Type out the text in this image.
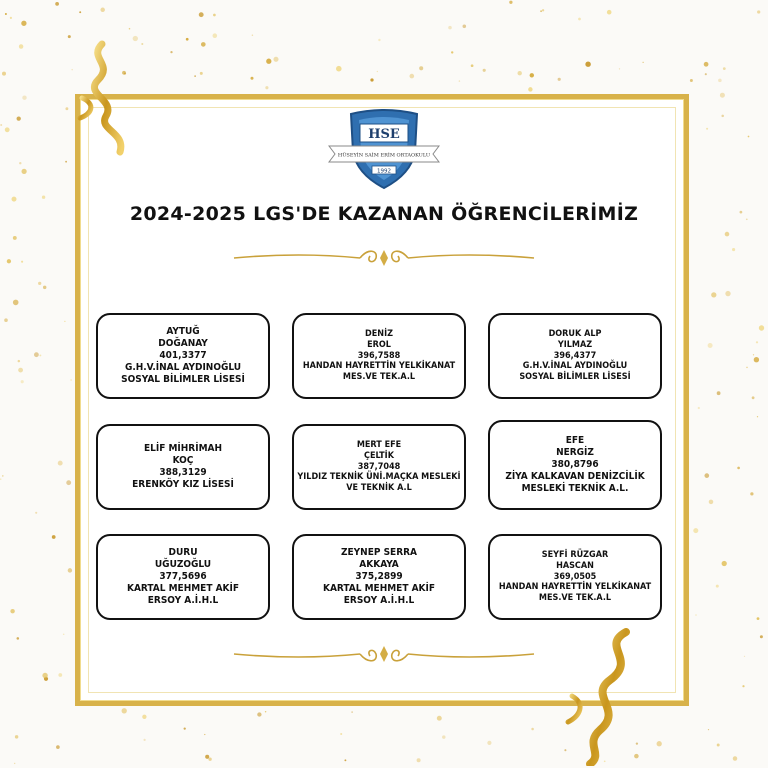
HSE
HÜSEYİN SAİM ERİM ORTAOKULU
1992
2024-2025 LGS'DE KAZANAN ÖĞRENCİLERİMİZ
AYTUĞ
DOĞANAY
401,3377
G.H.V.İNAL AYDINOĞLU
SOSYAL BİLİMLER LİSESİ
DENİZ
EROL
396,7588
HANDAN HAYRETTİN YELKİKANAT
MES.VE TEK.A.L
DORUK ALP
YILMAZ
396,4377
G.H.V.İNAL AYDINOĞLU
SOSYAL BİLİMLER LİSESİ
ELİF MİHRİMAH
KOÇ
388,3129
ERENKÖY KIZ LİSESİ
MERT EFE
ÇELTİK
387,7048
YILDIZ TEKNİK ÜNİ.MAÇKA MESLEKİ
VE TEKNİK A.L
EFE
NERGİZ
380,8796
ZİYA KALKAVAN DENİZCİLİK
MESLEKİ TEKNİK A.L.
DURU
UĞUZOĞLU
377,5696
KARTAL MEHMET AKİF
ERSOY A.İ.H.L
ZEYNEP SERRA
AKKAYA
375,2899
KARTAL MEHMET AKİF
ERSOY A.İ.H.L
SEYFİ RÜZGAR
HASCAN
369,0505
HANDAN HAYRETTİN YELKİKANAT
MES.VE TEK.A.L
